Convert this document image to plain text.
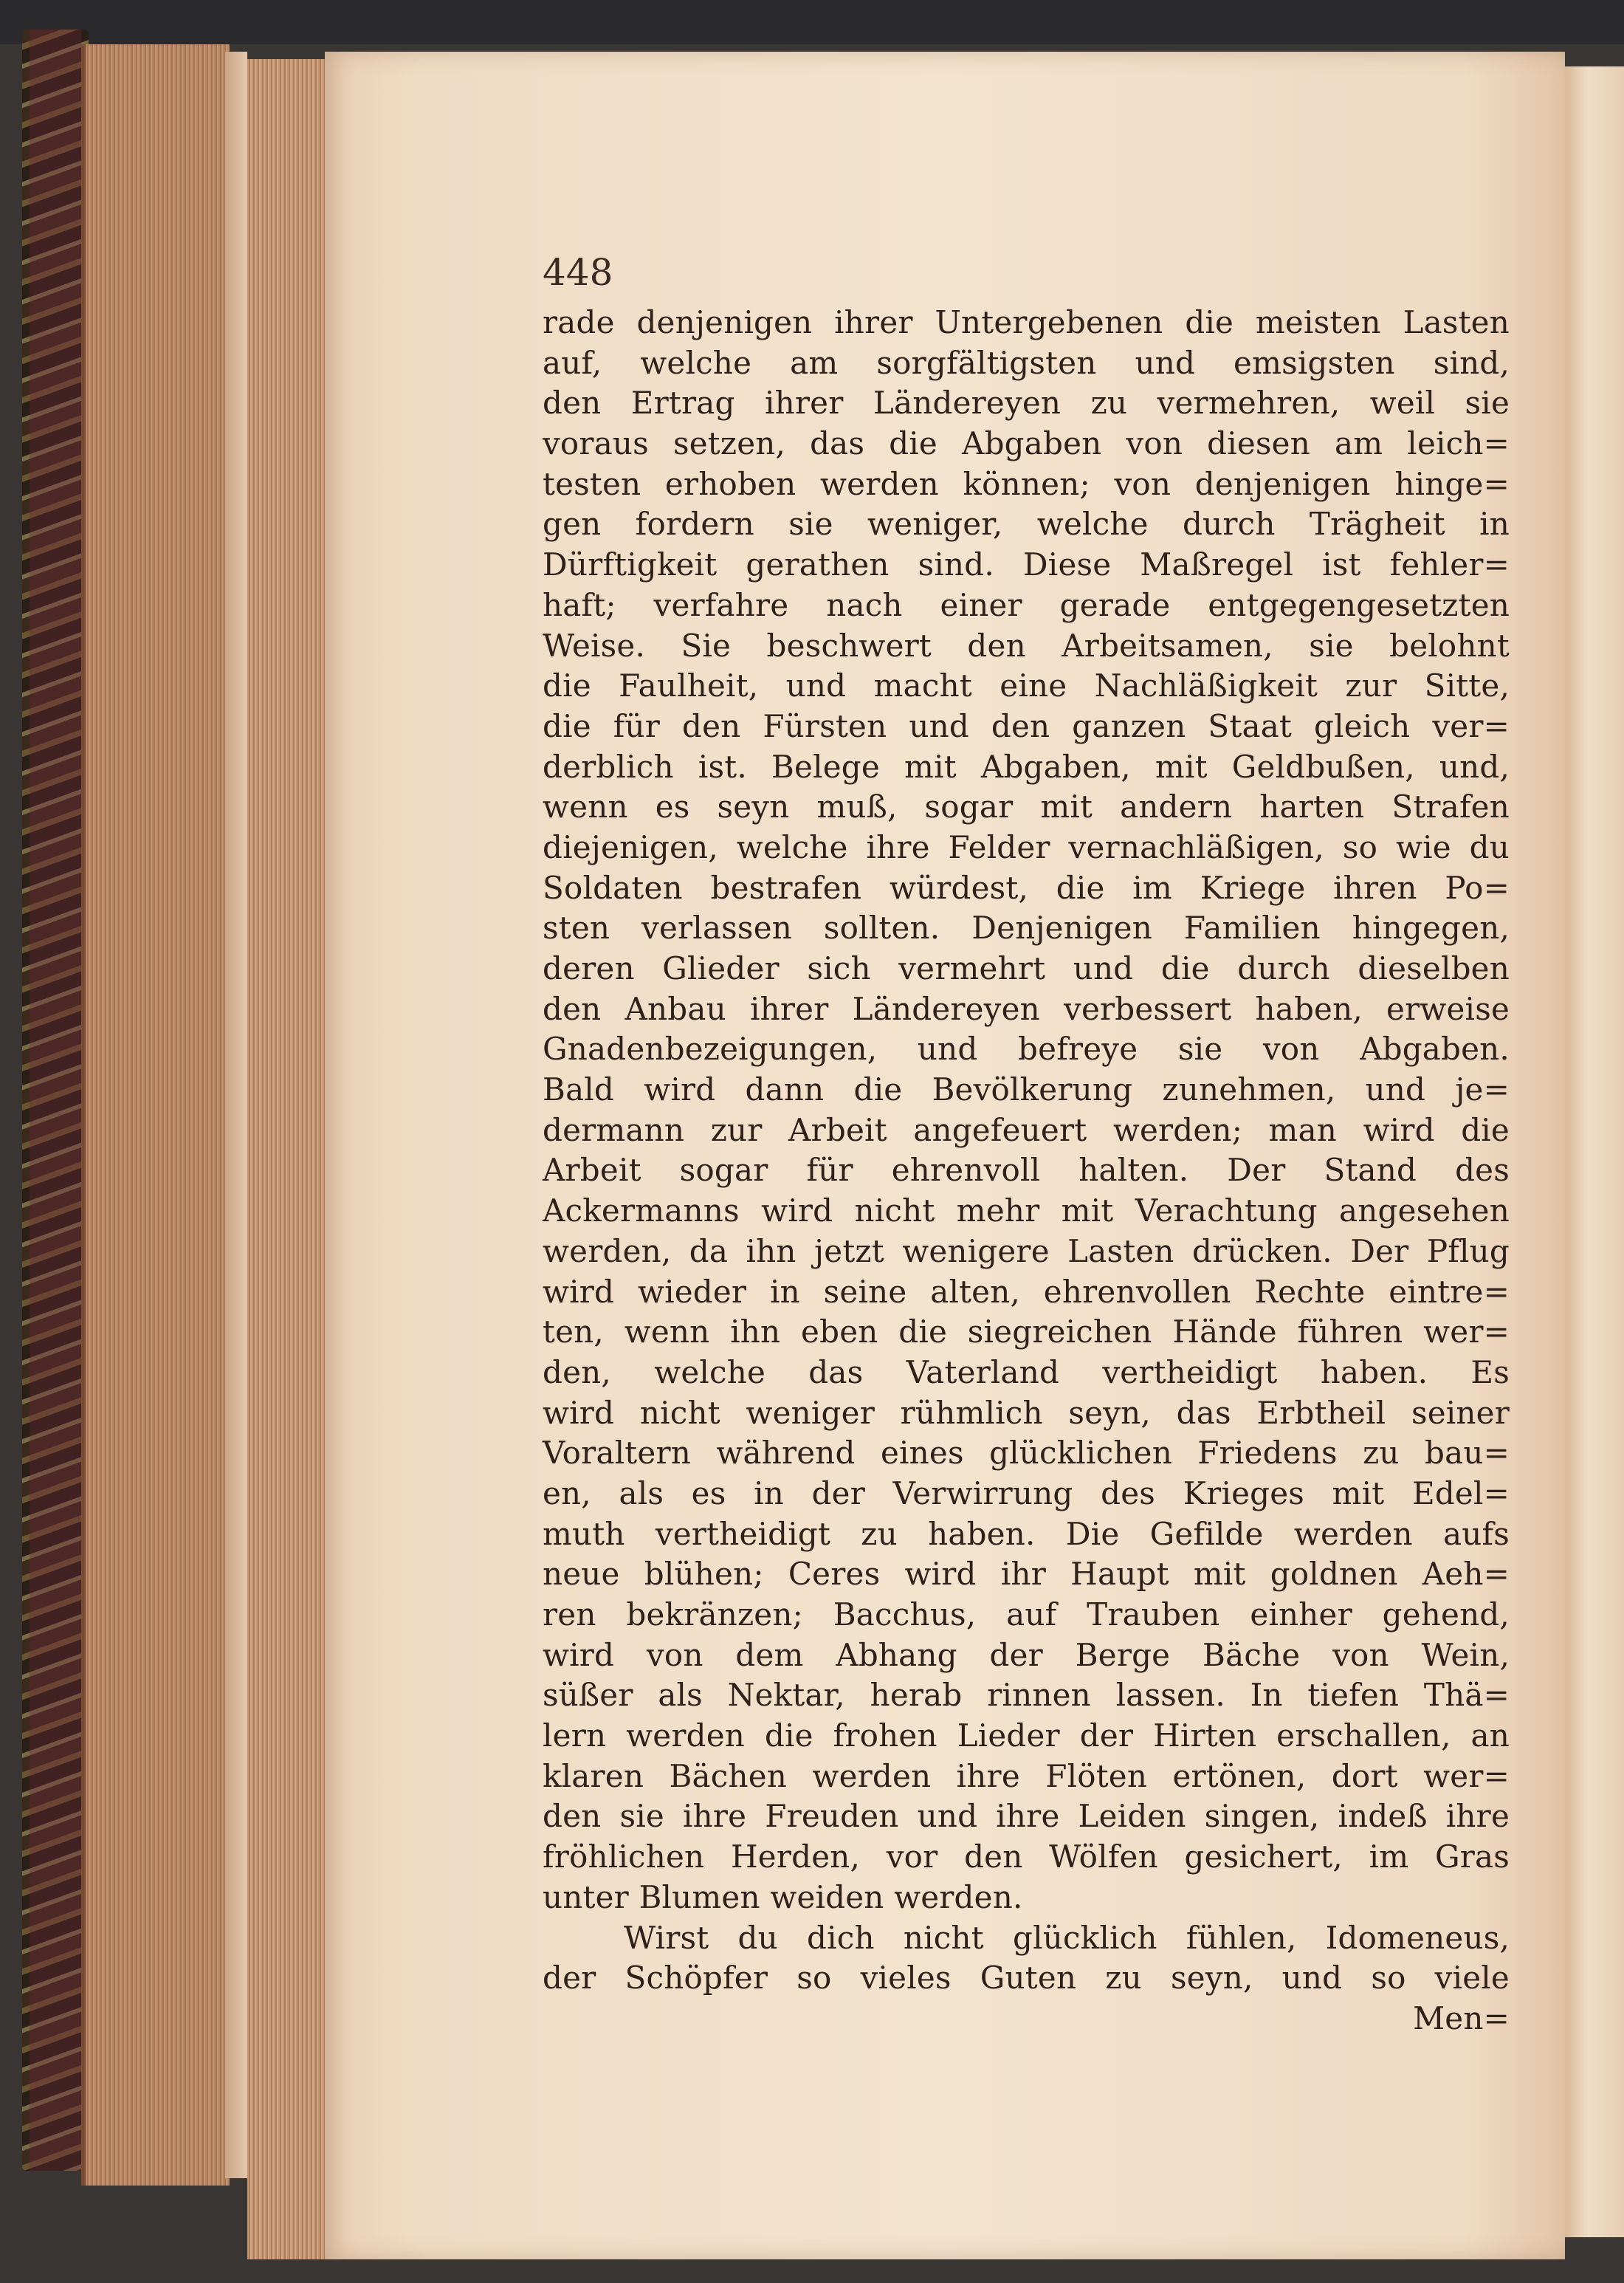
448
rade denjenigen ihrer Untergebenen die meisten Lasten
auf, welche am sorgfältigsten und emsigsten sind,
den Ertrag ihrer Ländereyen zu vermehren, weil sie
voraus setzen, das die Abgaben von diesen am leich=
testen erhoben werden können; von denjenigen hinge=
gen fordern sie weniger, welche durch Trägheit in
Dürftigkeit gerathen sind. Diese Maßregel ist fehler=
haft; verfahre nach einer gerade entgegengesetzten
Weise. Sie beschwert den Arbeitsamen, sie belohnt
die Faulheit, und macht eine Nachläßigkeit zur Sitte,
die für den Fürsten und den ganzen Staat gleich ver=
derblich ist. Belege mit Abgaben, mit Geldbußen, und,
wenn es seyn muß, sogar mit andern harten Strafen
diejenigen, welche ihre Felder vernachläßigen, so wie du
Soldaten bestrafen würdest, die im Kriege ihren Po=
sten verlassen sollten. Denjenigen Familien hingegen,
deren Glieder sich vermehrt und die durch dieselben
den Anbau ihrer Ländereyen verbessert haben, erweise
Gnadenbezeigungen, und befreye sie von Abgaben.
Bald wird dann die Bevölkerung zunehmen, und je=
dermann zur Arbeit angefeuert werden; man wird die
Arbeit sogar für ehrenvoll halten. Der Stand des
Ackermanns wird nicht mehr mit Verachtung angesehen
werden, da ihn jetzt wenigere Lasten drücken. Der Pflug
wird wieder in seine alten, ehrenvollen Rechte eintre=
ten, wenn ihn eben die siegreichen Hände führen wer=
den, welche das Vaterland vertheidigt haben. Es
wird nicht weniger rühmlich seyn, das Erbtheil seiner
Voraltern während eines glücklichen Friedens zu bau=
en, als es in der Verwirrung des Krieges mit Edel=
muth vertheidigt zu haben. Die Gefilde werden aufs
neue blühen; Ceres wird ihr Haupt mit goldnen Aeh=
ren bekränzen; Bacchus, auf Trauben einher gehend,
wird von dem Abhang der Berge Bäche von Wein,
süßer als Nektar, herab rinnen lassen. In tiefen Thä=
lern werden die frohen Lieder der Hirten erschallen, an
klaren Bächen werden ihre Flöten ertönen, dort wer=
den sie ihre Freuden und ihre Leiden singen, indeß ihre
fröhlichen Herden, vor den Wölfen gesichert, im Gras
unter Blumen weiden werden.
Wirst du dich nicht glücklich fühlen, Idomeneus,
der Schöpfer so vieles Guten zu seyn, und so viele
Men=
